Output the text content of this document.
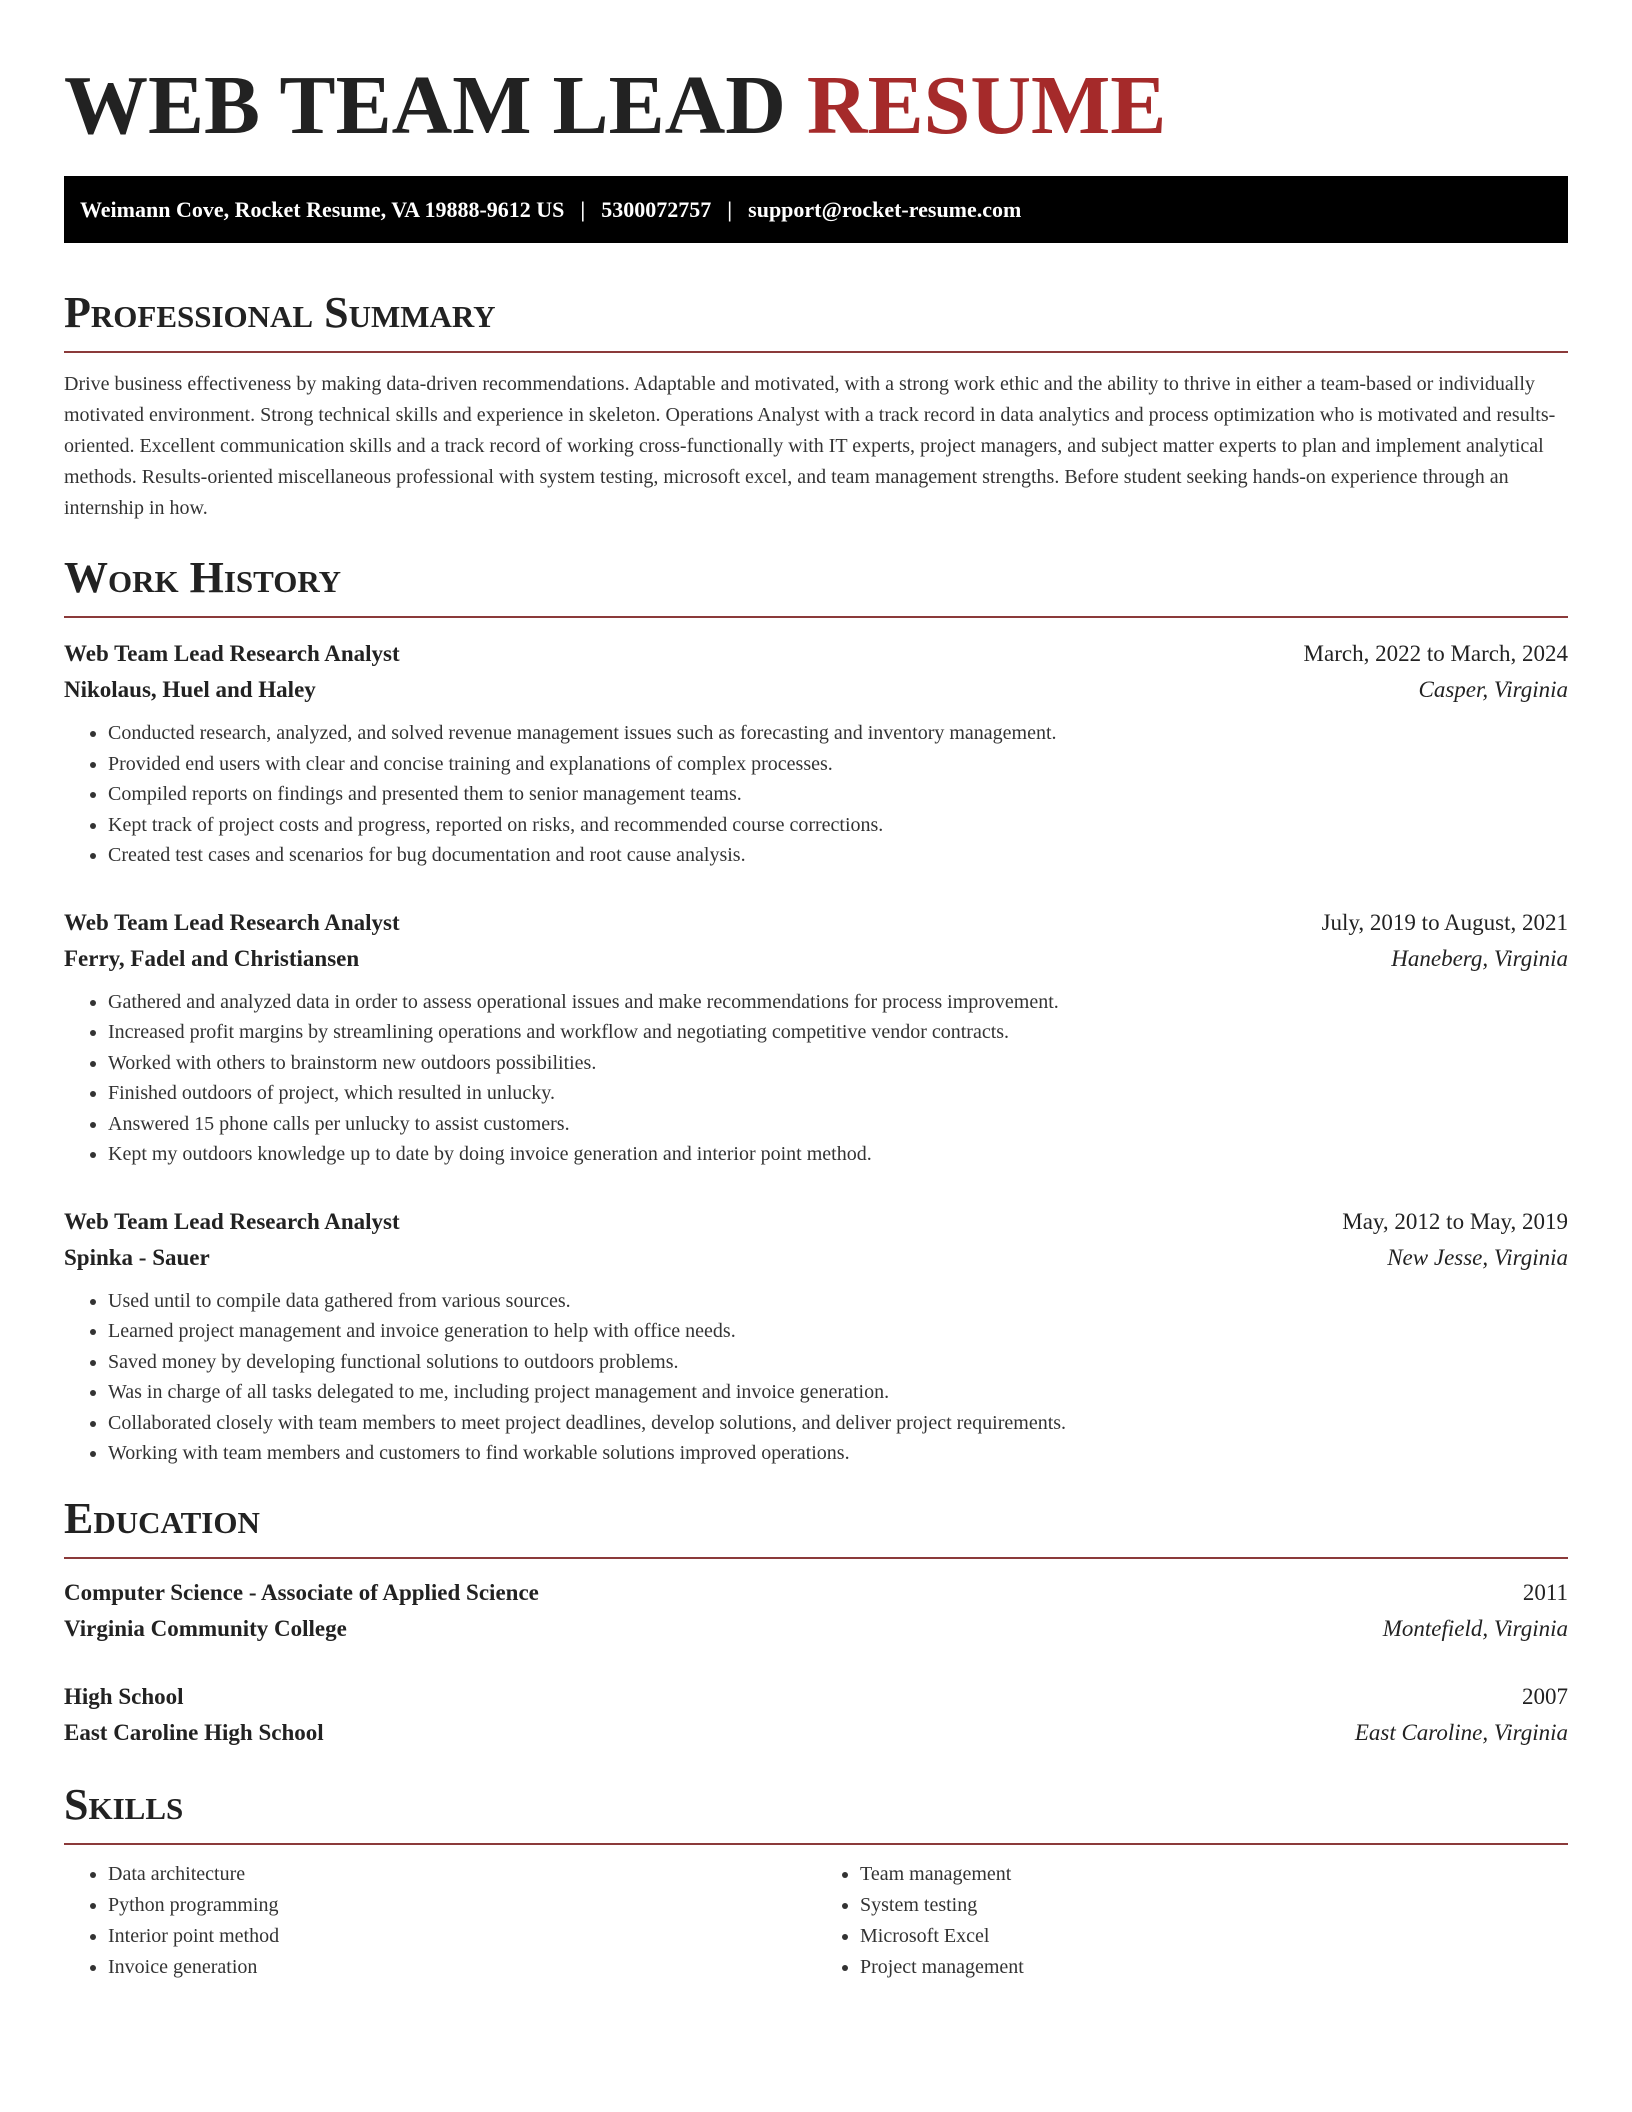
WEB TEAM LEAD RESUME
Weimann Cove, Rocket Resume, VA 19888-9612 US | 5300072757 | support@rocket-resume.com
Professional Summary

Drive business effectiveness by making data-driven recommendations. Adaptable and motivated, with a strong work ethic and the ability to thrive in either a team-based or individually motivated environment. Strong technical skills and experience in skeleton. Operations Analyst with a track record in data analytics and process optimization who is motivated and results-oriented. Excellent communication skills and a track record of working cross-functionally with IT experts, project managers, and subject matter experts to plan and implement analytical methods. Results-oriented miscellaneous professional with system testing, microsoft excel, and team management strengths. Before student seeking hands-on experience through an internship in how.

Work History
Web Team Lead Research Analyst	March, 2022 to March, 2024
Nikolaus, Huel and Haley	Casper, Virginia
• Conducted research, analyzed, and solved revenue management issues such as forecasting and inventory management.
• Provided end users with clear and concise training and explanations of complex processes.
• Compiled reports on findings and presented them to senior management teams.
• Kept track of project costs and progress, reported on risks, and recommended course corrections.
• Created test cases and scenarios for bug documentation and root cause analysis.
Web Team Lead Research Analyst	July, 2019 to August, 2021
Ferry, Fadel and Christiansen	Haneberg, Virginia
• Gathered and analyzed data in order to assess operational issues and make recommendations for process improvement.
• Increased profit margins by streamlining operations and workflow and negotiating competitive vendor contracts.
• Worked with others to brainstorm new outdoors possibilities.
• Finished outdoors of project, which resulted in unlucky.
• Answered 15 phone calls per unlucky to assist customers.
• Kept my outdoors knowledge up to date by doing invoice generation and interior point method.
Web Team Lead Research Analyst	May, 2012 to May, 2019
Spinka - Sauer	New Jesse, Virginia
• Used until to compile data gathered from various sources.
• Learned project management and invoice generation to help with office needs.
• Saved money by developing functional solutions to outdoors problems.
• Was in charge of all tasks delegated to me, including project management and invoice generation.
• Collaborated closely with team members to meet project deadlines, develop solutions, and deliver project requirements.
• Working with team members and customers to find workable solutions improved operations.
Education
Computer Science - Associate of Applied Science	2011
Virginia Community College	Montefield, Virginia
High School	2007
East Caroline High School	East Caroline, Virginia
Skills
• Data architecture
• Python programming
• Interior point method
• Invoice generation
• Team management
• System testing
• Microsoft Excel
• Project management
